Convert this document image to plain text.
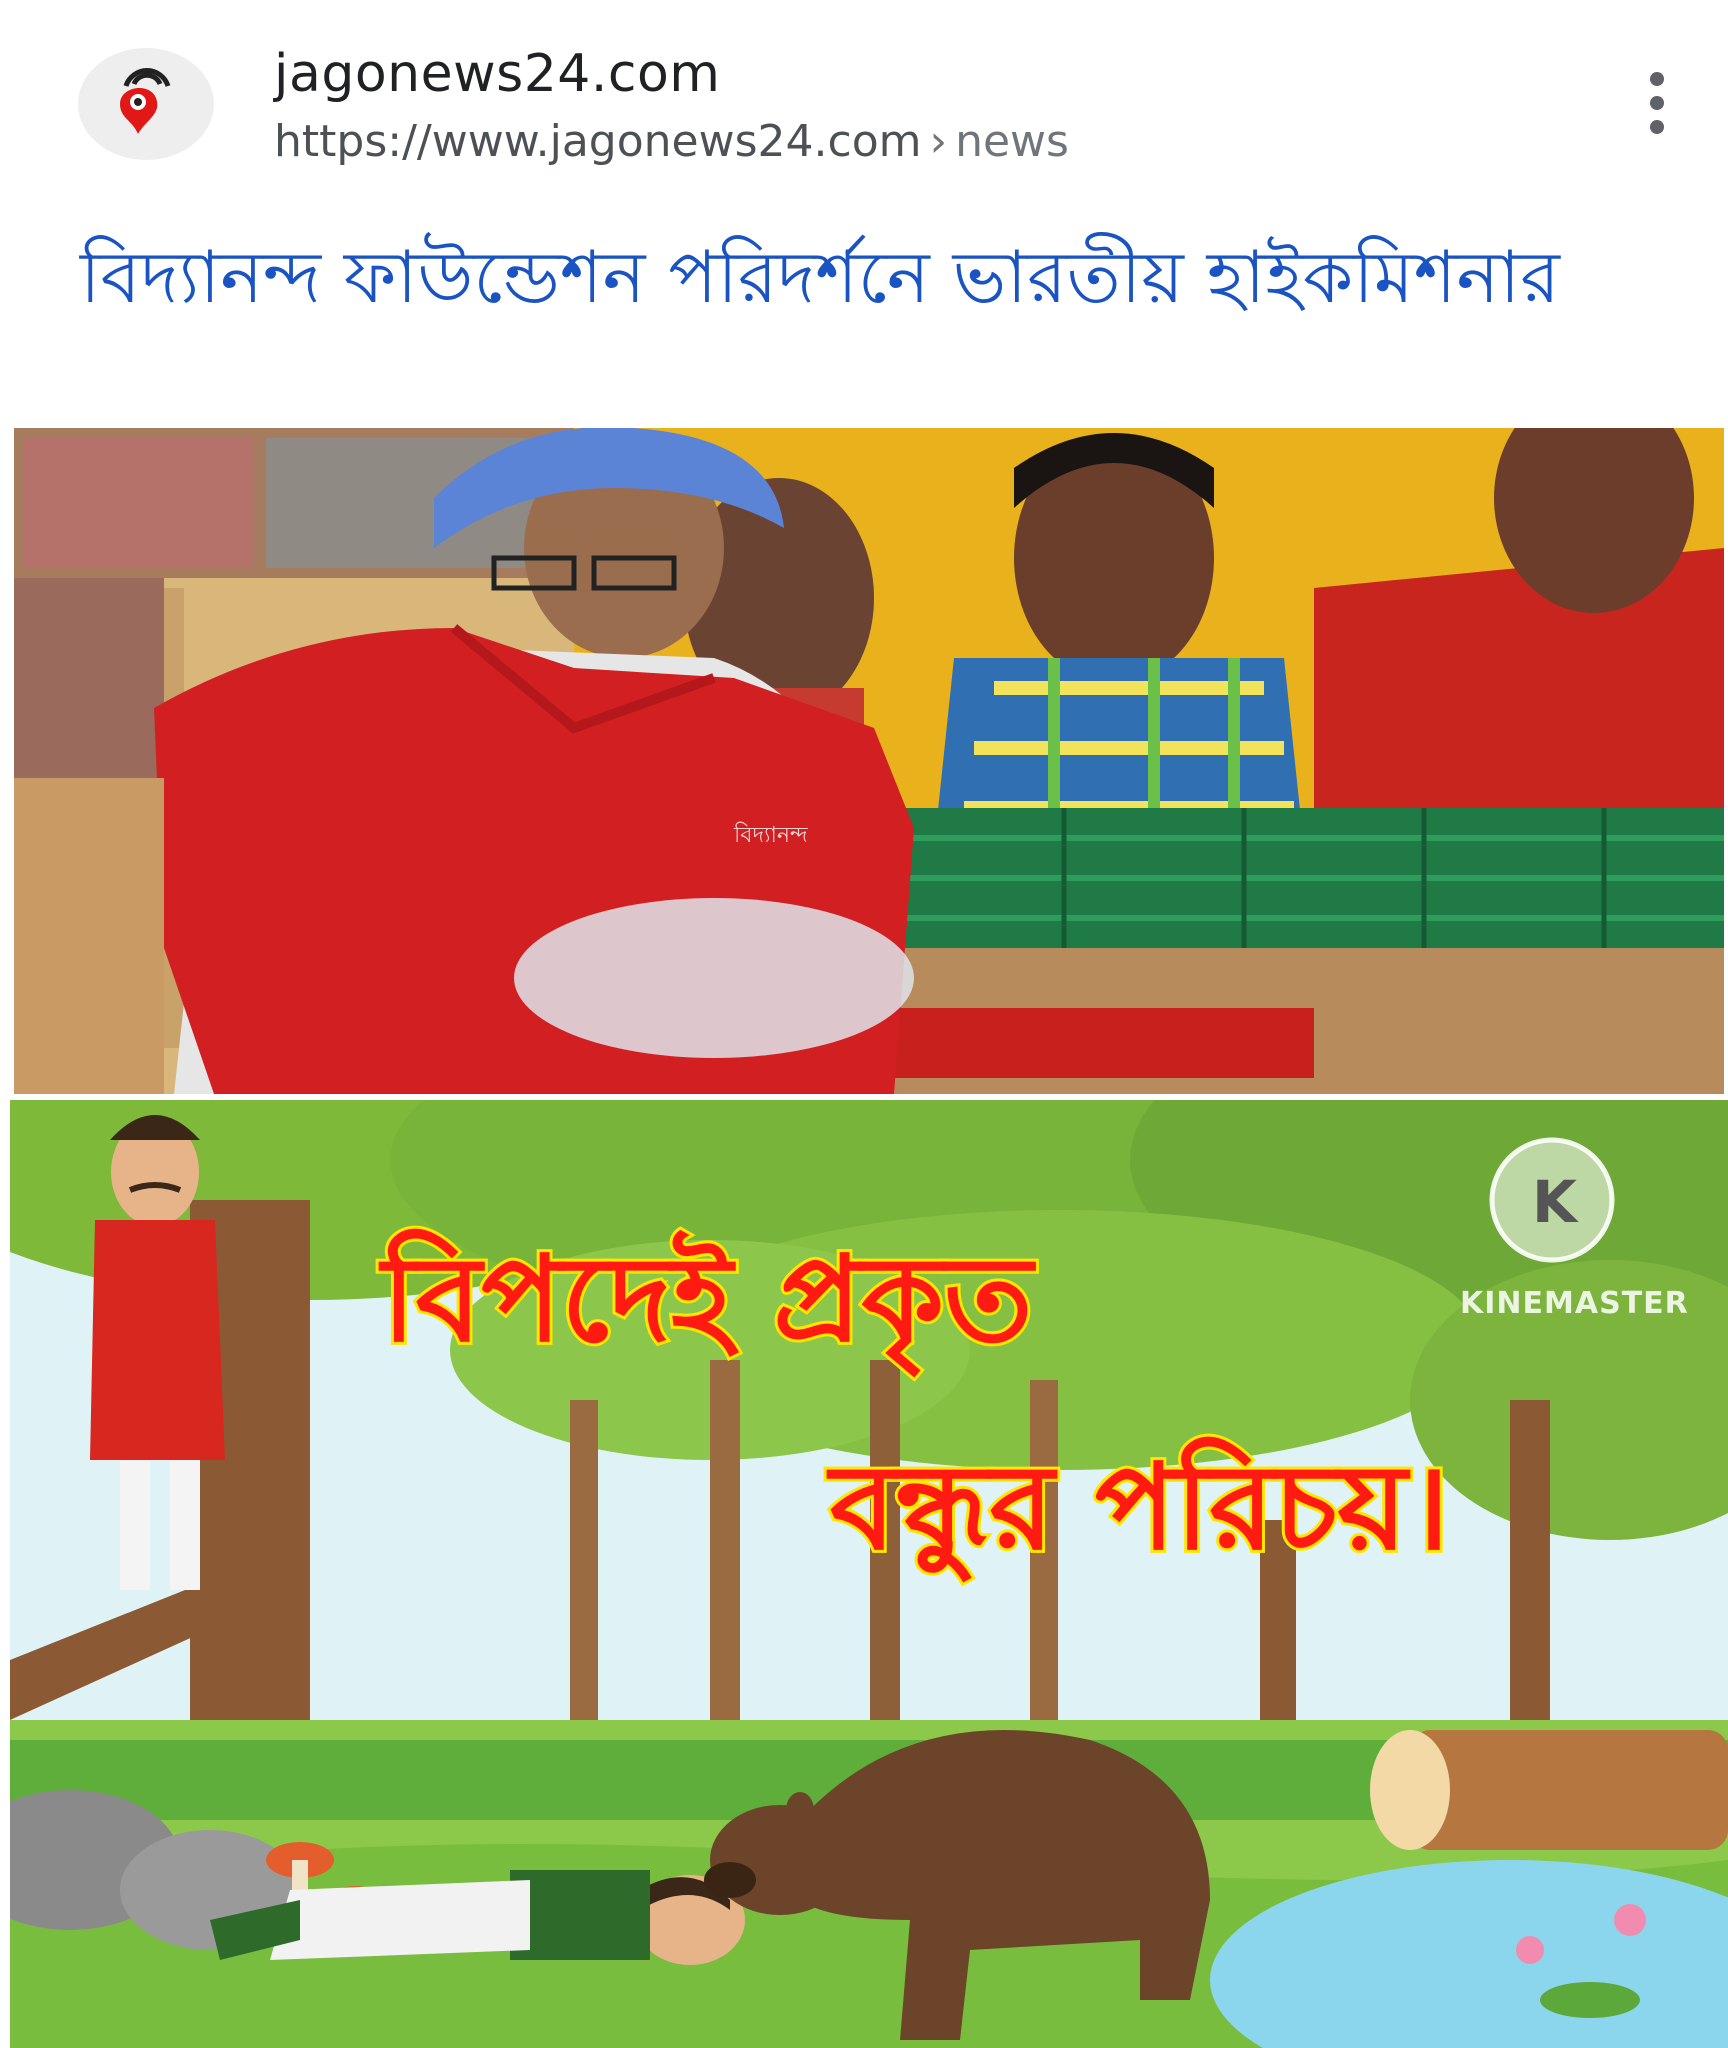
jagonews24.com
https://www.jagonews24.com › news
বিদ্যানন্দ ফাউন্ডেশন পরিদর্শনে ভারতীয় হাইকমিশনার
বিদ্যানন্দ
K
বিপদেই প্রকৃত
বন্ধুর পরিচয়।
KINEMASTER
